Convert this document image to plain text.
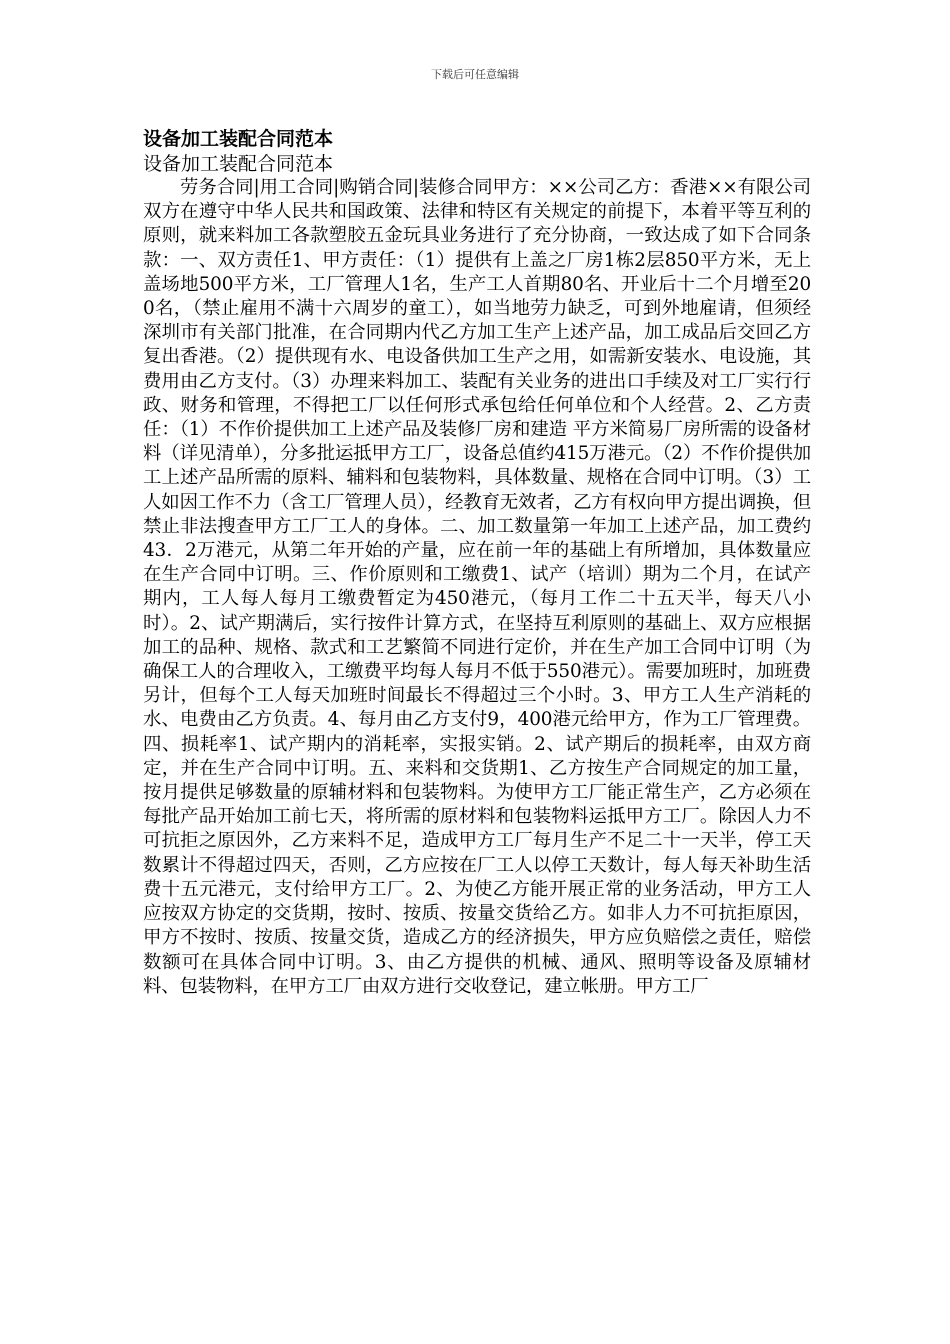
下载后可任意编辑

设备加工装配合同范本

设备加工装配合同范本

劳务合同|用工合同|购销合同|装修合同甲方：××公司乙方：香港××有限公司双方在遵守中华人民共和国政策、法律和特区有关规定的前提下，本着平等互利的原则，就来料加工各款塑胶五金玩具业务进行了充分协商，一致达成了如下合同条款：一、双方责任1、甲方责任：（1）提供有上盖之厂房1栋2层850平方米，无上盖场地500平方米，工厂管理人1名，生产工人首期80名、开业后十二个月增至200名，（禁止雇用不满十六周岁的童工），如当地劳力缺乏，可到外地雇请，但须经深圳市有关部门批准，在合同期内代乙方加工生产上述产品，加工成品后交回乙方复出香港。（2）提供现有水、电设备供加工生产之用，如需新安装水、电设施，其费用由乙方支付。（3）办理来料加工、装配有关业务的进出口手续及对工厂实行行政、财务和管理，不得把工厂以任何形式承包给任何单位和个人经营。2、乙方责任：（1）不作价提供加工上述产品及装修厂房和建造 平方米简易厂房所需的设备材料（详见清单），分多批运抵甲方工厂，设备总值约415万港元。（2）不作价提供加工上述产品所需的原料、辅料和包装物料，具体数量、规格在合同中订明。（3）工人如因工作不力（含工厂管理人员），经教育无效者，乙方有权向甲方提出调换，但禁止非法搜查甲方工厂工人的身体。二、加工数量第一年加工上述产品，加工费约43．2万港元，从第二年开始的产量，应在前一年的基础上有所增加，具体数量应在生产合同中订明。三、作价原则和工缴费1、试产（培训）期为二个月，在试产期内，工人每人每月工缴费暂定为450港元，（每月工作二十五天半，每天八小时）。2、试产期满后，实行按件计算方式，在坚持互利原则的基础上、双方应根据加工的品种、规格、款式和工艺繁简不同进行定价，并在生产加工合同中订明（为确保工人的合理收入，工缴费平均每人每月不低于550港元）。需要加班时，加班费另计，但每个工人每天加班时间最长不得超过三个小时。3、甲方工人生产消耗的水、电费由乙方负责。4、每月由乙方支付9，400港元给甲方，作为工厂管理费。四、损耗率1、试产期内的消耗率，实报实销。2、试产期后的损耗率，由双方商定，并在生产合同中订明。五、来料和交货期1、乙方按生产合同规定的加工量，按月提供足够数量的原辅材料和包装物料。为使甲方工厂能正常生产，乙方必须在每批产品开始加工前七天，将所需的原材料和包装物料运抵甲方工厂。除因人力不可抗拒之原因外，乙方来料不足，造成甲方工厂每月生产不足二十一天半，停工天数累计不得超过四天，否则，乙方应按在厂工人以停工天数计，每人每天补助生活费十五元港元，支付给甲方工厂。2、为使乙方能开展正常的业务活动，甲方工人应按双方协定的交货期，按时、按质、按量交货给乙方。如非人力不可抗拒原因，甲方不按时、按质、按量交货，造成乙方的经济损失，甲方应负赔偿之责任，赔偿数额可在具体合同中订明。3、由乙方提供的机械、通风、照明等设备及原辅材料、包装物料，在甲方工厂由双方进行交收登记，建立帐册。甲方工厂
